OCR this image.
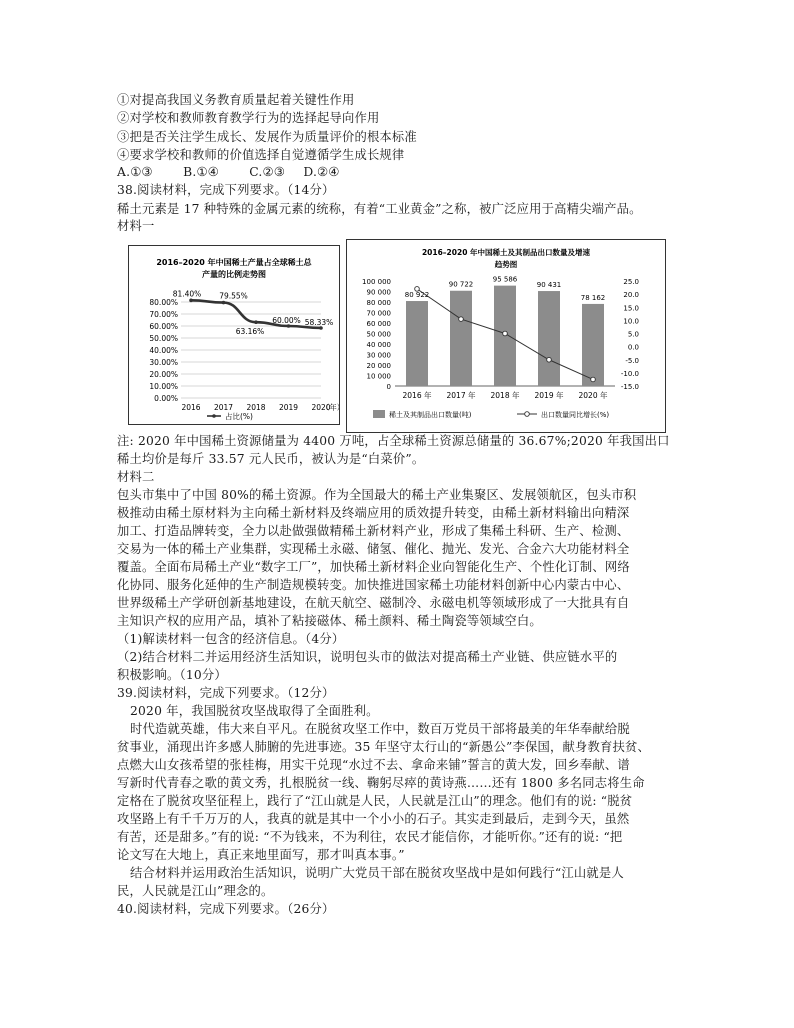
①对提高我国义务教育质量起着关键性作用
②对学校和教师教育教学行为的选择起导向作用
③把是否关注学生成长、发展作为质量评价的根本标准
④要求学校和教师的价值选择自觉遵循学生成长规律
A.①③ B.①④ C.②③ D.②④
38.阅读材料，完成下列要求。（14分）
稀土元素是 17 种特殊的金属元素的统称，有着“工业黄金”之称，被广泛应用于高精尖端产品。
材料一
2016–2020 年中国稀土产量占全球稀土总
产量的比例走势图
0.00%
10.00%
20.00%
30.00%
40.00%
50.00%
60.00%
70.00%
80.00%
2016 2017 2018 2019 2020
（年
81.40% 79.55%
63.16%
60.00% 58.33%
占比(%)
2016–2020 年中国稀土及其制品出口数量及增速
趋势图
0
10 000
20 000
30 000
40 000
50 000
60 000
70 000
80 000
90 000
100 000	25.0
20.0
15.0
10.0
5.0
0.0
-5.0
-10.0
-15.0
80 922
2016 年
90 722
2017 年
95 586
2018 年
90 431
2019 年
78 162
2020 年
稀土及其制品出口数量(吨)	出口数量同比增长(%)
注: 2020 年中国稀土资源储量为 4400 万吨，占全球稀土资源总储量的 36.67%;2020 年我国出口
稀土均价是每斤 33.57 元人民币，被认为是“白菜价”。
材料二
包头市集中了中国 80%的稀土资源。作为全国最大的稀土产业集聚区、发展领航区，包头市积
极推动由稀土原材料为主向稀土新材料及终端应用的质效提升转变，由稀土新材料输出向精深
加工、打造品牌转变，全力以赴做强做精稀土新材料产业，形成了集稀土科研、生产、检测、
交易为一体的稀土产业集群，实现稀土永磁、储氢、催化、抛光、发光、合金六大功能材料全
覆盖。全面布局稀土产业“数字工厂”，加快稀土新材料企业向智能化生产、个性化订制、网络
化协同、服务化延伸的生产制造规模转变。加快推进国家稀土功能材料创新中心内蒙古中心、
世界级稀土产学研创新基地建设，在航天航空、磁制冷、永磁电机等领域形成了一大批具有自
主知识产权的应用产品，填补了粘接磁体、稀土颜料、稀土陶瓷等领域空白。
（1)解读材料一包含的经济信息。（4分）
（2)结合材料二并运用经济生活知识，说明包头市的做法对提高稀土产业链、供应链水平的
积极影响。（10分）
39.阅读材料，完成下列要求。（12分）
2020 年，我国脱贫攻坚战取得了全面胜利。
时代造就英雄，伟大来自平凡。在脱贫攻坚工作中，数百万党员干部将最美的年华奉献给脱
贫事业，涌现出许多感人肺腑的先进事迹。35 年坚守太行山的“新愚公”李保国，献身教育扶贫、
点燃大山女孩希望的张桂梅，用实干兑现“水过不去、拿命来铺”誓言的黄大发，回乡奉献、谱
写新时代青春之歌的黄文秀，扎根脱贫一线、鞠躬尽瘁的黄诗燕……还有 1800 多名同志将生命
定格在了脱贫攻坚征程上，践行了“江山就是人民，人民就是江山”的理念。他们有的说: “脱贫
攻坚路上有千千万万的人，我真的就是其中一个小小的石子。其实走到最后，走到今天，虽然
有苦，还是甜多。”有的说: “不为钱来，不为利往，农民才能信你，才能听你。”还有的说: “把
论文写在大地上，真正来地里面写，那才叫真本事。”
结合材料并运用政治生活知识，说明广大党员干部在脱贫攻坚战中是如何践行“江山就是人
民，人民就是江山”理念的。
40.阅读材料，完成下列要求。（26分）
